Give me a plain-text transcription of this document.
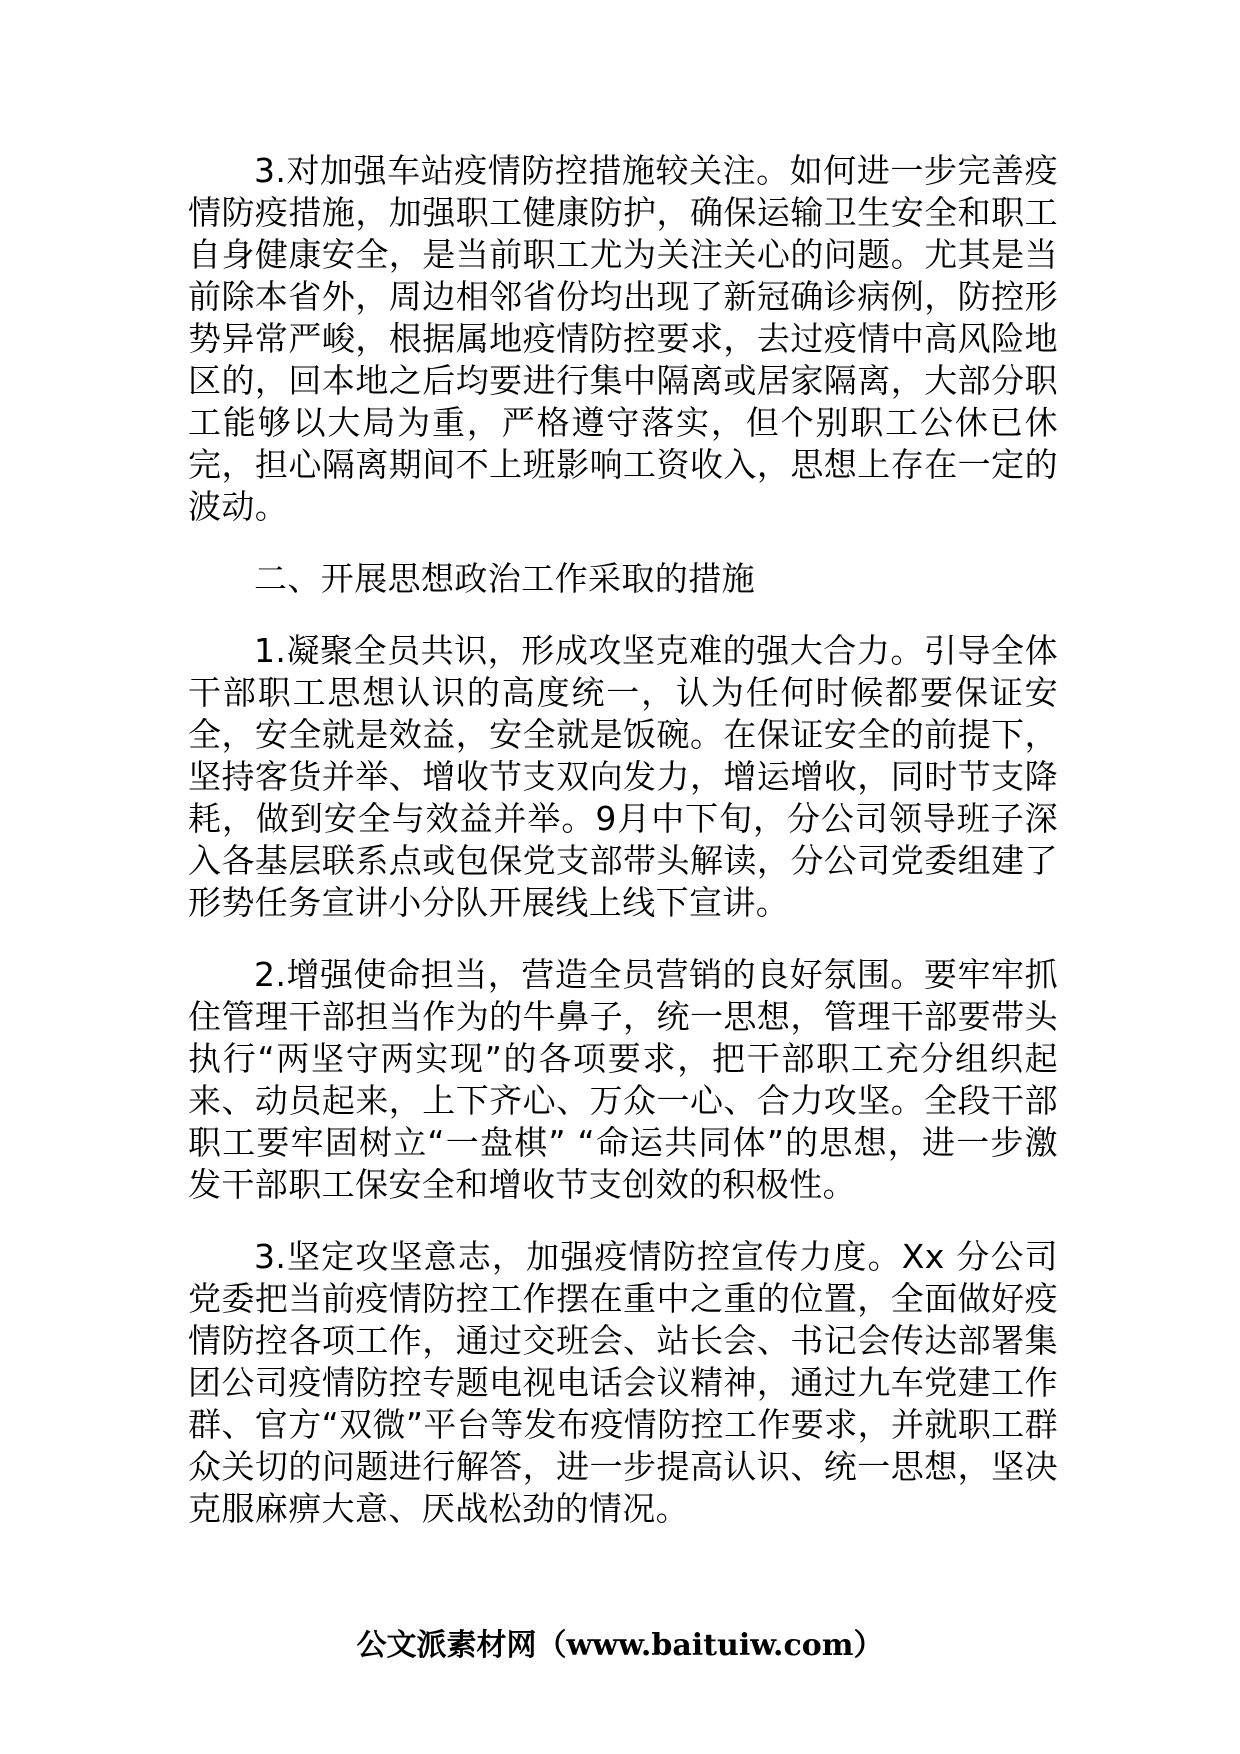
3.对加强车站疫情防控措施较关注。如何进一步完善疫情防疫措施，加强职工健康防护，确保运输卫生安全和职工自身健康安全，是当前职工尤为关注关心的问题。尤其是当前除本省外，周边相邻省份均出现了新冠确诊病例，防控形势异常严峻，根据属地疫情防控要求，去过疫情中高风险地区的，回本地之后均要进行集中隔离或居家隔离，大部分职工能够以大局为重，严格遵守落实，但个别职工公休已休完，担心隔离期间不上班影响工资收入，思想上存在一定的波动。

二、开展思想政治工作采取的措施

1.凝聚全员共识，形成攻坚克难的强大合力。引导全体干部职工思想认识的高度统一，认为任何时候都要保证安全，安全就是效益，安全就是饭碗。在保证安全的前提下，坚持客货并举、增收节支双向发力，增运增收，同时节支降耗，做到安全与效益并举。9月中下旬，分公司领导班子深入各基层联系点或包保党支部带头解读，分公司党委组建了形势任务宣讲小分队开展线上线下宣讲。

2.增强使命担当，营造全员营销的良好氛围。要牢牢抓住管理干部担当作为的牛鼻子，统一思想，管理干部要带头执行“两坚守两实现”的各项要求，把干部职工充分组织起来、动员起来，上下齐心、万众一心、合力攻坚。全段干部职工要牢固树立“一盘棋” “命运共同体”的思想，进一步激发干部职工保安全和增收节支创效的积极性。

3.坚定攻坚意志，加强疫情防控宣传力度。Xx 分公司党委把当前疫情防控工作摆在重中之重的位置，全面做好疫情防控各项工作，通过交班会、站长会、书记会传达部署集团公司疫情防控专题电视电话会议精神，通过九车党建工作群、官方“双微”平台等发布疫情防控工作要求，并就职工群众关切的问题进行解答，进一步提高认识、统一思想，坚决克服麻痹大意、厌战松劲的情况。

公文派素材网（www.baituiw.com）
